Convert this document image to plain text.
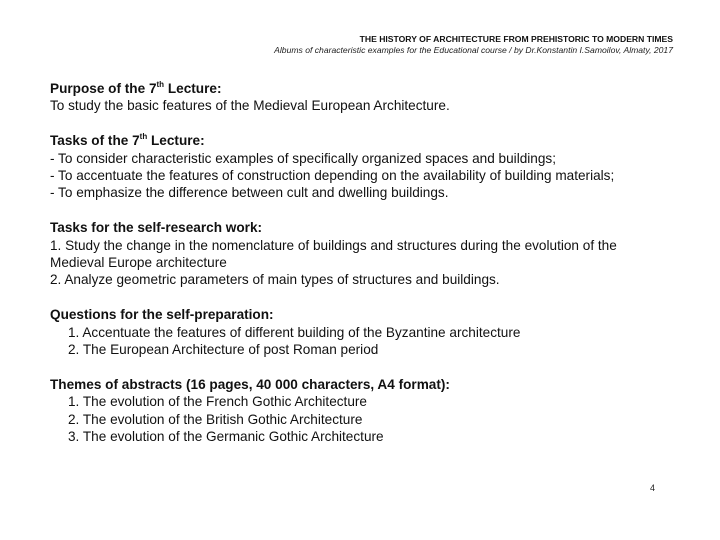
THE HISTORY OF ARCHITECTURE FROM PREHISTORIC TO MODERN TIMES
Albums of characteristic examples for the Educational course / by Dr.Konstantin I.Samoilov, Almaty, 2017
Purpose of the 7th Lecture:
To study the basic features of the Medieval European Architecture.
Tasks of the 7th Lecture:
- To consider characteristic examples of specifically organized spaces and buildings;
- To accentuate the features of construction depending on the availability of building materials;
- To emphasize the difference between cult and dwelling buildings.
Tasks for the self-research work:
1. Study the change in the nomenclature of buildings and structures during the evolution of the Medieval Europe architecture
2. Analyze geometric parameters of main types of structures and buildings.
Questions for the self-preparation:
1. Accentuate the features of different building of the Byzantine architecture
2. The European Architecture of post Roman period
Themes of abstracts (16 pages, 40 000 characters, A4 format):
1. The evolution of the French Gothic Architecture
2. The evolution of the British Gothic Architecture
3. The evolution of the Germanic Gothic Architecture
4
